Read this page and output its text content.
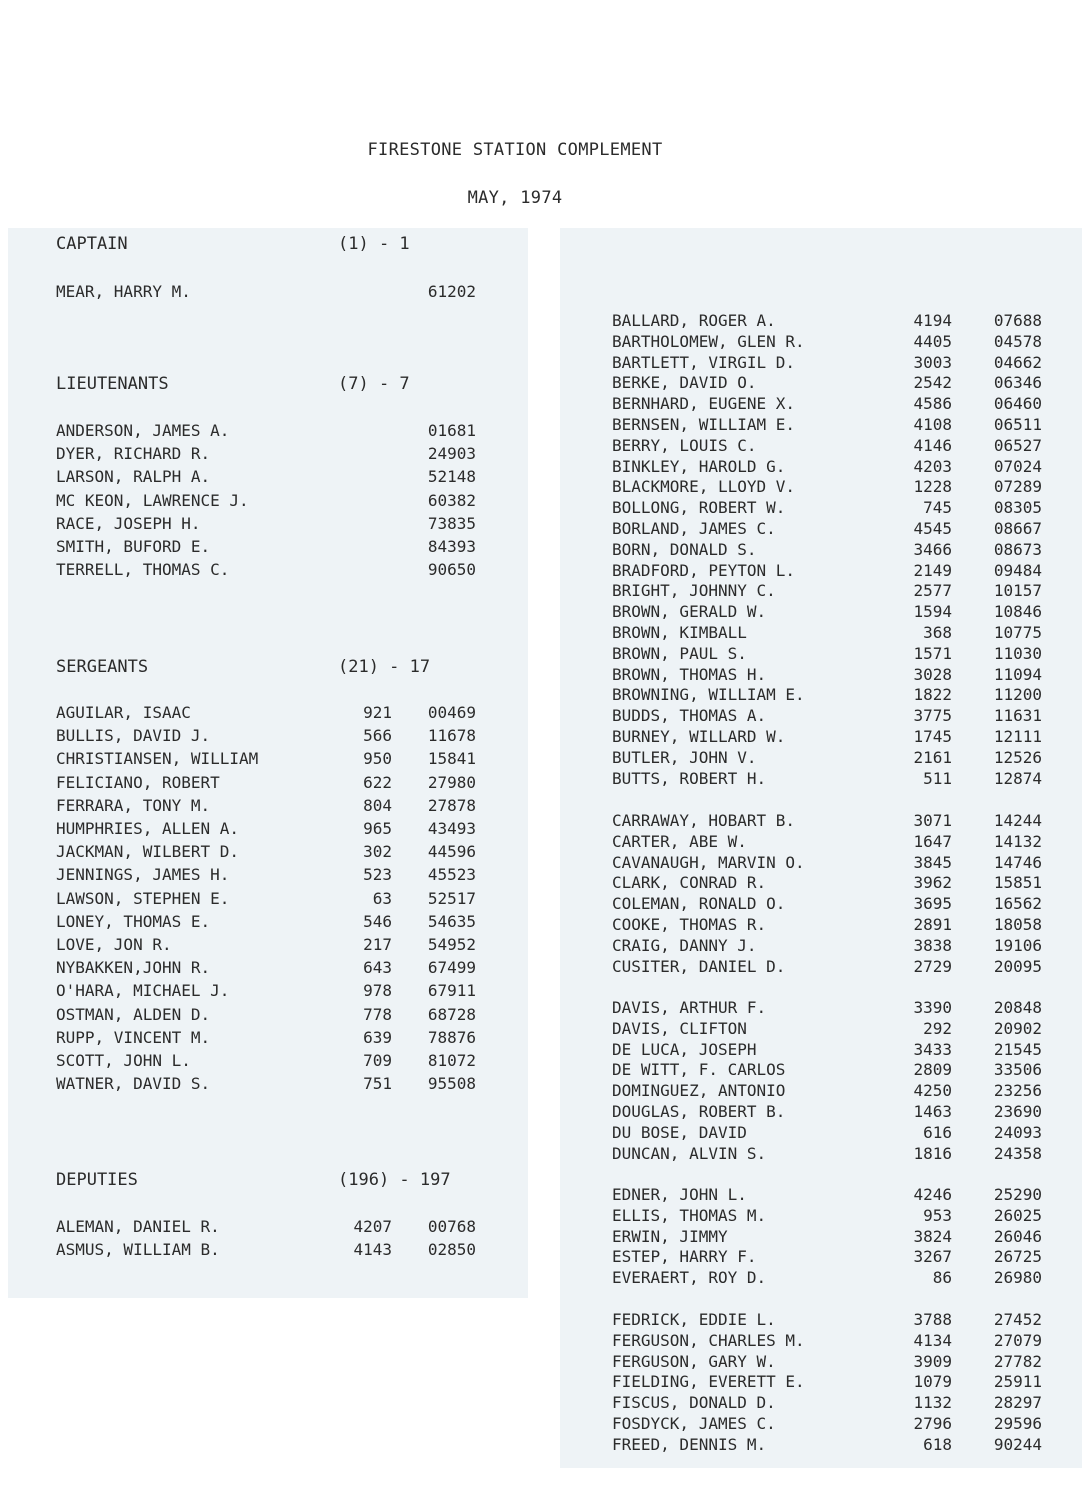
FIRESTONE STATION COMPLEMENT
MAY, 1974
CAPTAIN	(1) - 1
MEAR, HARRY M.	61202
LIEUTENANTS	(7) - 7
ANDERSON, JAMES A.	01681
DYER, RICHARD R.	24903
LARSON, RALPH A.	52148
MC KEON, LAWRENCE J.	60382
RACE, JOSEPH H.	73835
SMITH, BUFORD E.	84393
TERRELL, THOMAS C.	90650
SERGEANTS	(21) - 17
AGUILAR, ISAAC	921	00469
BULLIS, DAVID J.	566	11678
CHRISTIANSEN, WILLIAM	950	15841
FELICIANO, ROBERT	622	27980
FERRARA, TONY M.	804	27878
HUMPHRIES, ALLEN A.	965	43493
JACKMAN, WILBERT D.	302	44596
JENNINGS, JAMES H.	523	45523
LAWSON, STEPHEN E.	63	52517
LONEY, THOMAS E.	546	54635
LOVE, JON R.	217	54952
NYBAKKEN,JOHN R.	643	67499
O'HARA, MICHAEL J.	978	67911
OSTMAN, ALDEN D.	778	68728
RUPP, VINCENT M.	639	78876
SCOTT, JOHN L.	709	81072
WATNER, DAVID S.	751	95508
DEPUTIES	(196) - 197
ALEMAN, DANIEL R.	4207	00768
ASMUS, WILLIAM B.	4143	02850
BALLARD, ROGER A.	4194	07688
BARTHOLOMEW, GLEN R.	4405	04578
BARTLETT, VIRGIL D.	3003	04662
BERKE, DAVID O.	2542	06346
BERNHARD, EUGENE X.	4586	06460
BERNSEN, WILLIAM E.	4108	06511
BERRY, LOUIS C.	4146	06527
BINKLEY, HAROLD G.	4203	07024
BLACKMORE, LLOYD V.	1228	07289
BOLLONG, ROBERT W.	745	08305
BORLAND, JAMES C.	4545	08667
BORN, DONALD S.	3466	08673
BRADFORD, PEYTON L.	2149	09484
BRIGHT, JOHNNY C.	2577	10157
BROWN, GERALD W.	1594	10846
BROWN, KIMBALL	368	10775
BROWN, PAUL S.	1571	11030
BROWN, THOMAS H.	3028	11094
BROWNING, WILLIAM E.	1822	11200
BUDDS, THOMAS A.	3775	11631
BURNEY, WILLARD W.	1745	12111
BUTLER, JOHN V.	2161	12526
BUTTS, ROBERT H.	511	12874
CARRAWAY, HOBART B.	3071	14244
CARTER, ABE W.	1647	14132
CAVANAUGH, MARVIN O.	3845	14746
CLARK, CONRAD R.	3962	15851
COLEMAN, RONALD O.	3695	16562
COOKE, THOMAS R.	2891	18058
CRAIG, DANNY J.	3838	19106
CUSITER, DANIEL D.	2729	20095
DAVIS, ARTHUR F.	3390	20848
DAVIS, CLIFTON	292	20902
DE LUCA, JOSEPH	3433	21545
DE WITT, F. CARLOS	2809	33506
DOMINGUEZ, ANTONIO	4250	23256
DOUGLAS, ROBERT B.	1463	23690
DU BOSE, DAVID	616	24093
DUNCAN, ALVIN S.	1816	24358
EDNER, JOHN L.	4246	25290
ELLIS, THOMAS M.	953	26025
ERWIN, JIMMY	3824	26046
ESTEP, HARRY F.	3267	26725
EVERAERT, ROY D.	86	26980
FEDRICK, EDDIE L.	3788	27452
FERGUSON, CHARLES M.	4134	27079
FERGUSON, GARY W.	3909	27782
FIELDING, EVERETT E.	1079	25911
FISCUS, DONALD D.	1132	28297
FOSDYCK, JAMES C.	2796	29596
FREED, DENNIS M.	618	90244
